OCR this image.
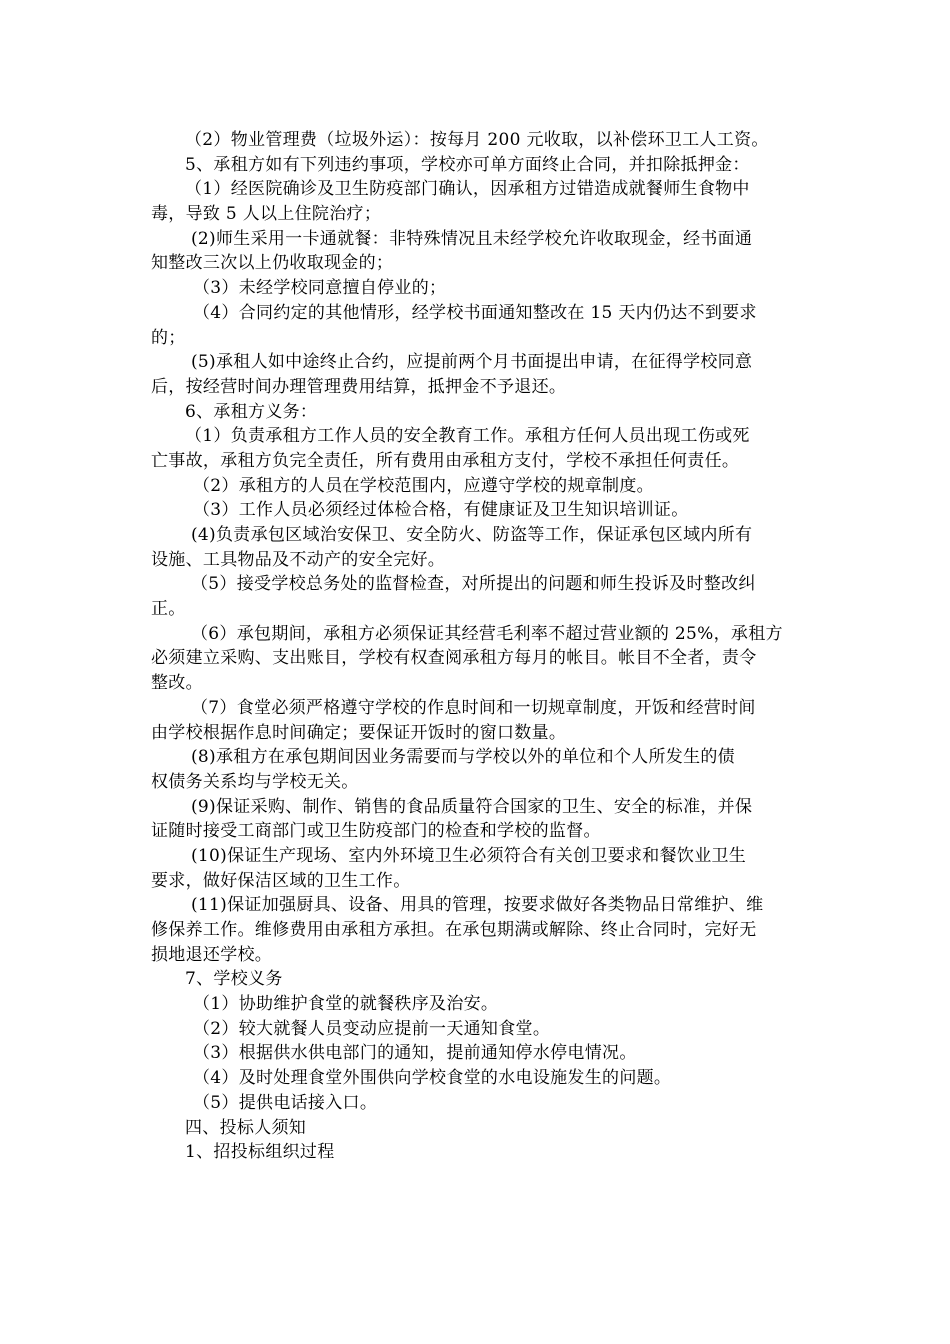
（2）物业管理费（垃圾外运）：按每月 200 元收取，以补偿环卫工人工资。
5、承租方如有下列违约事项，学校亦可单方面终止合同，并扣除抵押金：
（1）经医院确诊及卫生防疫部门确认，因承租方过错造成就餐师生食物中
毒，导致 5 人以上住院治疗；
(2)师生采用一卡通就餐：非特殊情况且未经学校允许收取现金，经书面通
知整改三次以上仍收取现金的；
（3）未经学校同意擅自停业的；
（4）合同约定的其他情形，经学校书面通知整改在 15 天内仍达不到要求
的；
(5)承租人如中途终止合约，应提前两个月书面提出申请，在征得学校同意
后，按经营时间办理管理费用结算，抵押金不予退还。
6、承租方义务：
（1）负责承租方工作人员的安全教育工作。承租方任何人员出现工伤或死
亡事故，承租方负完全责任，所有费用由承租方支付，学校不承担任何责任。
（2）承租方的人员在学校范围内，应遵守学校的规章制度。
（3）工作人员必须经过体检合格，有健康证及卫生知识培训证。
(4)负责承包区域治安保卫、安全防火、防盗等工作，保证承包区域内所有
设施、工具物品及不动产的安全完好。
（5）接受学校总务处的监督检查，对所提出的问题和师生投诉及时整改纠
正。
（6）承包期间，承租方必须保证其经营毛利率不超过营业额的 25%，承租方
必须建立采购、支出账目，学校有权查阅承租方每月的帐目。帐目不全者，责令
整改。
（7）食堂必须严格遵守学校的作息时间和一切规章制度，开饭和经营时间
由学校根据作息时间确定；要保证开饭时的窗口数量。
(8)承租方在承包期间因业务需要而与学校以外的单位和个人所发生的债
权债务关系均与学校无关。
(9)保证采购、制作、销售的食品质量符合国家的卫生、安全的标准，并保
证随时接受工商部门或卫生防疫部门的检查和学校的监督。
(10)保证生产现场、室内外环境卫生必须符合有关创卫要求和餐饮业卫生
要求，做好保洁区域的卫生工作。
(11)保证加强厨具、设备、用具的管理，按要求做好各类物品日常维护、维
修保养工作。维修费用由承租方承担。在承包期满或解除、终止合同时，完好无
损地退还学校。
7、学校义务
（1）协助维护食堂的就餐秩序及治安。
（2）较大就餐人员变动应提前一天通知食堂。
（3）根据供水供电部门的通知，提前通知停水停电情况。
（4）及时处理食堂外围供向学校食堂的水电设施发生的问题。
（5）提供电话接入口。
四、投标人须知
1、招投标组织过程
